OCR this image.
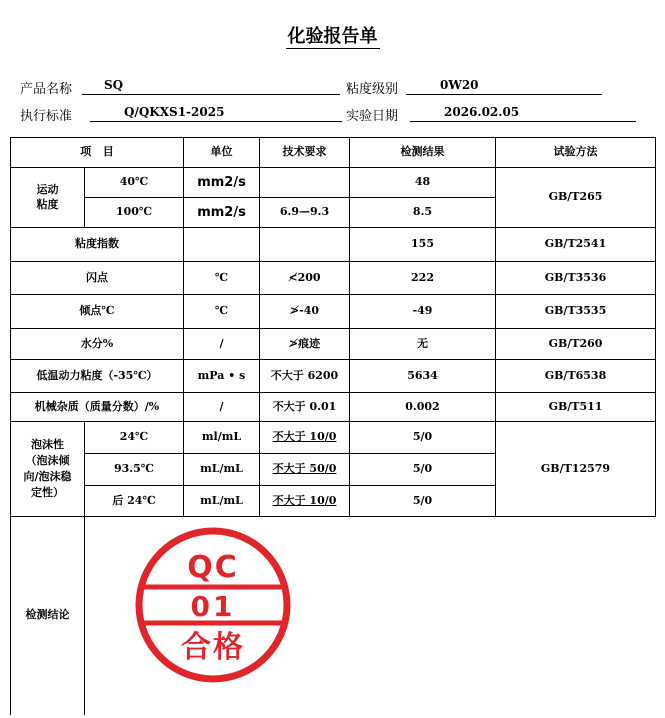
化验报告单
产品名称	SQ	粘度级别	0W20
执行标准	Q/QKXS1-2025	实验日期	2026.02.05
项   目		单位	技术要求	检测结果	试验方法
运动
粘度	40℃	mm2/s		48	GB/T265
	100℃	mm2/s	6.9—9.3	8.5	
粘度指数				155	GB/T2541
闪点		℃	≮200	222	GB/T3536
倾点℃		℃	≯-40	-49	GB/T3535
水分%		/	≯痕迹	无	GB/T260
低温动力粘度（-35℃）		mPa • s	不大于 6200	5634	GB/T6538
机械杂质（质量分数）/%		/	不大于 0.01	0.002	GB/T511
泡沫性
（泡沫倾
向/泡沫稳
定性）	24℃	ml/mL	不大于 10/0	5/0	GB/T12579
	93.5℃	mL/mL	不大于 50/0	5/0	
	后 24℃	mL/mL	不大于 10/0	5/0	
检测结论	QC
01
合格				
